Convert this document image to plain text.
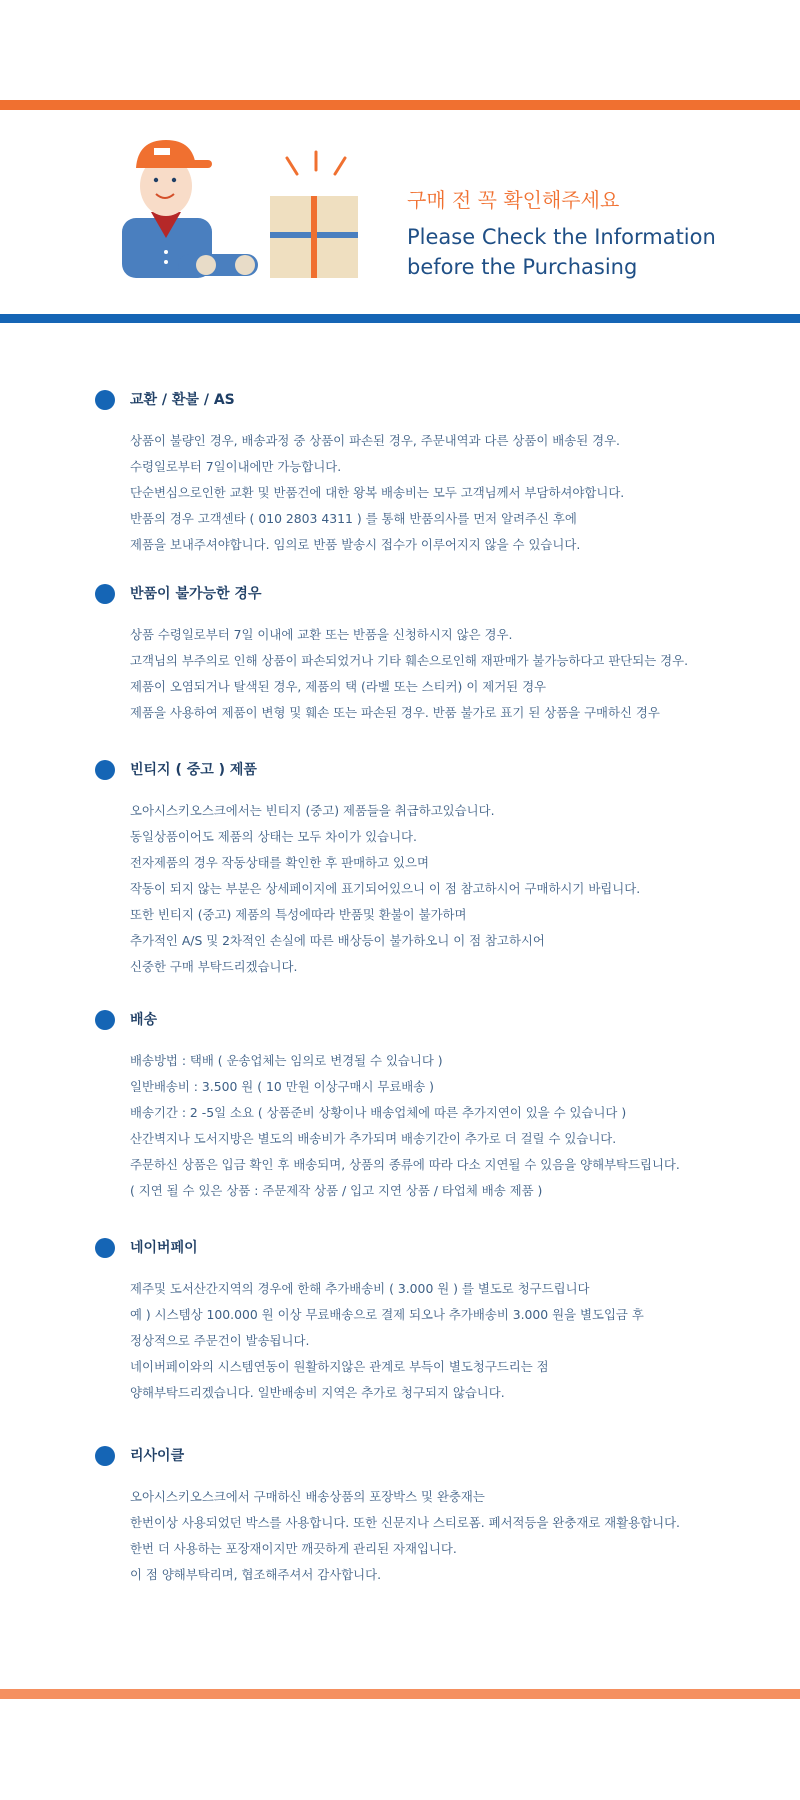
구매 전 꼭 확인해주세요
Please Check the Information
before the Purchasing
교환 / 환불 / AS
상품이 불량인 경우, 배송과정 중 상품이 파손된 경우, 주문내역과 다른 상품이 배송된 경우.
수령일로부터 7일이내에만 가능합니다.
단순변심으로인한 교환 및 반품건에 대한 왕복 배송비는 모두 고객님께서 부담하셔야합니다.
반품의 경우 고객센타 ( 010 2803 4311 ) 를 통해 반품의사를 먼저 알려주신 후에
제품을 보내주셔야합니다. 임의로 반품 발송시 접수가 이루어지지 않을 수 있습니다.
반품이 불가능한 경우
상품 수령일로부터 7일 이내에 교환 또는 반품을 신청하시지 않은 경우.
고객님의 부주의로 인해 상품이 파손되었거나 기타 훼손으로인해 재판매가 불가능하다고 판단되는 경우.
제품이 오염되거나 탈색된 경우, 제품의 택 (라벨 또는 스티커) 이 제거된 경우
제품을 사용하여 제품이 변형 및 훼손 또는 파손된 경우. 반품 불가로 표기 된 상품을 구매하신 경우
빈티지 ( 중고 ) 제품
오아시스키오스크에서는 빈티지 (중고) 제품들을 취급하고있습니다.
동일상품이어도 제품의 상태는 모두 차이가 있습니다.
전자제품의 경우 작동상태를 확인한 후 판매하고 있으며
작동이 되지 않는 부분은 상세페이지에 표기되어있으니 이 점 참고하시어 구매하시기 바립니다.
또한 빈티지 (중고) 제품의 특성에따라 반품및 환불이 불가하며
추가적인 A/S 및 2차적인 손실에 따른 배상등이 불가하오니 이 점 참고하시어
신중한 구매 부탁드리겠습니다.
배송
배송방법 : 택배 ( 운송업체는 임의로 변경될 수 있습니다 )
일반배송비 : 3.500 원 ( 10 만원 이상구매시 무료배송 )
배송기간 : 2 -5일 소요 ( 상품준비 상황이나 배송업체에 따른 추가지연이 있을 수 있습니다 )
산간벽지나 도서지방은 별도의 배송비가 추가되며 배송기간이 추가로 더 걸릴 수 있습니다.
주문하신 상품은 입금 확인 후 배송되며, 상품의 종류에 따라 다소 지연될 수 있음을 양해부탁드립니다.
( 지연 될 수 있은 상품 : 주문제작 상품 / 입고 지연 상품 / 타업체 배송 제품 )
네이버페이
제주및 도서산간지역의 경우에 한해 추가배송비 ( 3.000 원 ) 를 별도로 청구드립니다
예 ) 시스템상 100.000 원 이상 무료배송으로 결제 되오나 추가배송비 3.000 원을 별도입금 후
정상적으로 주문건이 발송됩니다.
네이버페이와의 시스템연동이 원활하지않은 관계로 부득이 별도청구드리는 점
양해부탁드리겠습니다. 일반배송비 지역은 추가로 청구되지 않습니다.
리사이클
오아시스키오스크에서 구매하신 배송상품의 포장박스 및 완충재는
한번이상 사용되었던 박스를 사용합니다. 또한 신문지나 스티로폼. 폐서적등을 완충재로 재활용합니다.
한번 더 사용하는 포장재이지만 깨끗하게 관리된 자재입니다.
이 점 양해부탁리며, 협조해주셔서 감사합니다.
